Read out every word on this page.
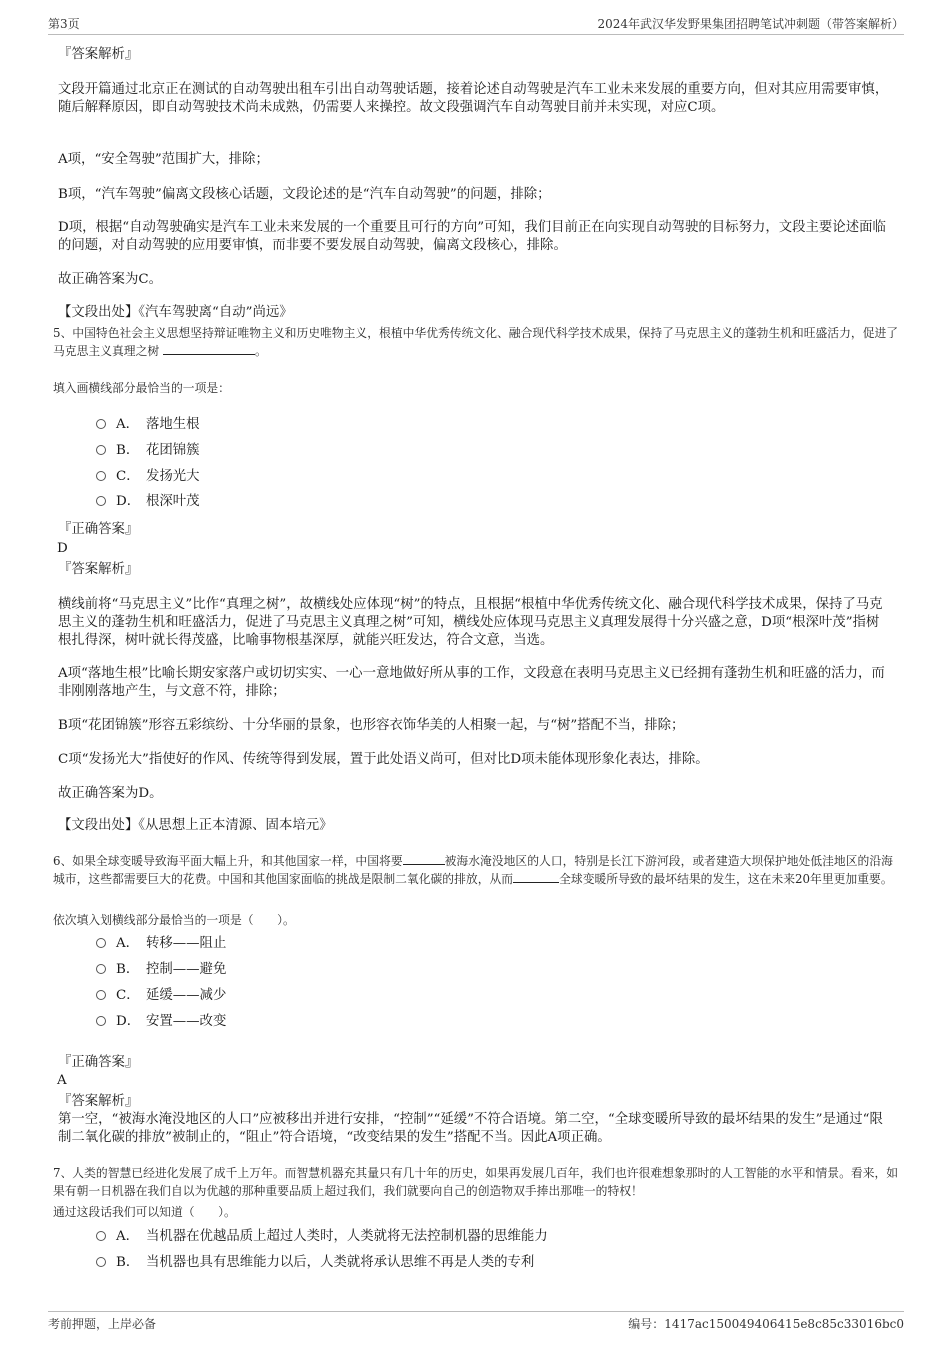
第3页	2024年武汉华发野果集团招聘笔试冲刺题（带答案解析）
『答案解析』
文段开篇通过北京正在测试的自动驾驶出租车引出自动驾驶话题，接着论述自动驾驶是汽车工业未来发展的重要方向，但对其应用需要审慎，随后解释原因，即自动驾驶技术尚未成熟，仍需要人来操控。故文段强调汽车自动驾驶目前并未实现，对应C项。
A项，“安全驾驶”范围扩大，排除；
B项，“汽车驾驶”偏离文段核心话题，文段论述的是“汽车自动驾驶”的问题，排除；
D项，根据“自动驾驶确实是汽车工业未来发展的一个重要且可行的方向”可知，我们目前正在向实现自动驾驶的目标努力，文段主要论述面临的问题，对自动驾驶的应用要审慎，而非要不要发展自动驾驶，偏离文段核心，排除。
故正确答案为C。
【文段出处】《汽车驾驶离“自动”尚远》
5、中国特色社会主义思想坚持辩证唯物主义和历史唯物主义，根植中华优秀传统文化、融合现代科学技术成果，保持了马克思主义的蓬勃生机和旺盛活力，促进了马克思主义真理之树	。
填入画横线部分最恰当的一项是：
A． 落地生根
B． 花团锦簇
C． 发扬光大
D． 根深叶茂
『正确答案』
D
『答案解析』
横线前将“马克思主义”比作“真理之树”，故横线处应体现“树”的特点，且根据“根植中华优秀传统文化、融合现代科学技术成果，保持了马克思主义的蓬勃生机和旺盛活力，促进了马克思主义真理之树”可知，横线处应体现马克思主义真理发展得十分兴盛之意，D项“根深叶茂”指树根扎得深，树叶就长得茂盛，比喻事物根基深厚，就能兴旺发达，符合文意，当选。
A项“落地生根”比喻长期安家落户或切切实实、一心一意地做好所从事的工作，文段意在表明马克思主义已经拥有蓬勃生机和旺盛的活力，而非刚刚落地产生，与文意不符，排除；
B项“花团锦簇”形容五彩缤纷、十分华丽的景象，也形容衣饰华美的人相聚一起，与“树”搭配不当，排除；
C项“发扬光大”指使好的作风、传统等得到发展，置于此处语义尚可，但对比D项未能体现形象化表达，排除。
故正确答案为D。
【文段出处】《从思想上正本清源、固本培元》
6、如果全球变暖导致海平面大幅上升，和其他国家一样，中国将要	被海水淹没地区的人口，特别是长江下游河段，或者建造大坝保护地处低洼地区的沿海城市，这些都需要巨大的花费。中国和其他国家面临的挑战是限制二氧化碳的排放，从而	全球变暖所导致的最坏结果的发生，这在未来20年里更加重要。
依次填入划横线部分最恰当的一项是（　　）。
A． 转移——阻止
B． 控制——避免
C． 延缓——减少
D． 安置——改变
『正确答案』
A
『答案解析』
第一空，“被海水淹没地区的人口”应被移出并进行安排，“控制”“延缓”不符合语境。第二空，“全球变暖所导致的最坏结果的发生”是通过“限制二氧化碳的排放”被制止的，“阻止”符合语境，“改变结果的发生”搭配不当。因此A项正确。
7、人类的智慧已经进化发展了成千上万年。而智慧机器充其量只有几十年的历史，如果再发展几百年，我们也许很难想象那时的人工智能的水平和情景。看来，如果有朝一日机器在我们自以为优越的那种重要品质上超过我们，我们就要向自己的创造物双手捧出那唯一的特权！
通过这段话我们可以知道（　　）。
A． 当机器在优越品质上超过人类时，人类就将无法控制机器的思维能力
B． 当机器也具有思维能力以后，人类就将承认思维不再是人类的专利
考前押题，上岸必备	编号：1417ac150049406415e8c85c33016bc0
